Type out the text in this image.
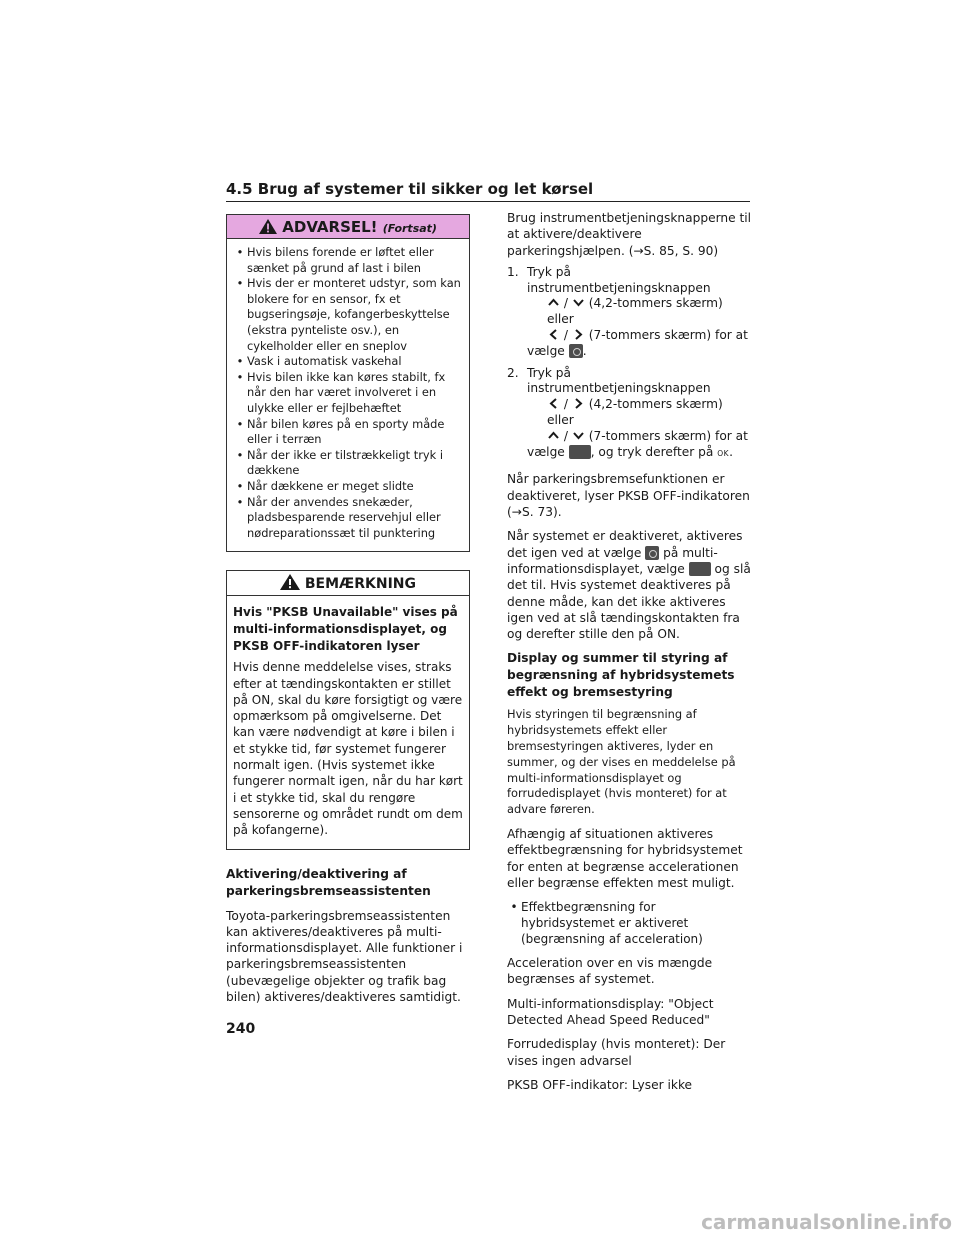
4.5 Brug af systemer til sikker og let kørsel
ADVARSEL! (Fortsat)
• Hvis bilens forende er løftet eller sænket på grund af last i bilen
• Hvis der er monteret udstyr, som kan blokere for en sensor, fx et bugseringsøje, kofangerbeskyttelse (ekstra pynteliste osv.), en cykelholder eller en sneplov
• Vask i automatisk vaskehal
• Hvis bilen ikke kan køres stabilt, fx når den har været involveret i en ulykke eller er fejlbehæftet
• Når bilen køres på en sporty måde eller i terræn
• Når der ikke er tilstrækkeligt tryk i dækkene
• Når dækkene er meget slidte
• Når der anvendes snekæder, pladsbesparende reservehjul eller nødreparationssæt til punktering
BEMÆRKNING
Hvis "PKSB Unavailable" vises på multi-informationsdisplayet, og PKSB OFF-indikatoren lyser
Hvis denne meddelelse vises, straks efter at tændingskontakten er stillet på ON, skal du køre forsigtigt og være opmærksom på omgivelserne. Det kan være nødvendigt at køre i bilen i et stykke tid, før systemet fungerer normalt igen. (Hvis systemet ikke fungerer normalt igen, når du har kørt i et stykke tid, skal du rengøre sensorerne og området rundt om dem på kofangerne).
Aktivering/deaktivering af parkeringsbremseassistenten
Toyota-parkeringsbremseassistenten kan aktiveres/deaktiveres på multi-informationsdisplayet. Alle funktioner i parkeringsbremseassistenten (ubevægelige objekter og trafik bag bilen) aktiveres/deaktiveres samtidigt.
Brug instrumentbetjeningsknapperne til at aktivere/deaktivere parkeringshjælpen. (→S. 85, S. 90)
1. Tryk på instrumentbetjeningsknappen
/ (4,2-tommers skærm) eller
/ (7-tommers skærm) for at
vælge .
2. Tryk på instrumentbetjeningsknappen
/ (4,2-tommers skærm) eller
/ (7-tommers skærm) for at
vælge , og tryk derefter på OK.
Når parkeringsbremsefunktionen er deaktiveret, lyser PKSB OFF-indikatoren (→S. 73).
Når systemet er deaktiveret, aktiveres det igen ved at vælge på multi-informationsdisplayet, vælge og slå det til. Hvis systemet deaktiveres på denne måde, kan det ikke aktiveres igen ved at slå tændingskontakten fra og derefter stille den på ON.
Display og summer til styring af begrænsning af hybridsystemets effekt og bremsestyring
Hvis styringen til begrænsning af hybridsystemets effekt eller bremsestyringen aktiveres, lyder en summer, og der vises en meddelelse på multi-informationsdisplayet og forrudedisplayet (hvis monteret) for at advare føreren.
Afhængig af situationen aktiveres effektbegrænsning for hybridsystemet for enten at begrænse accelerationen eller begrænse effekten mest muligt.
• Effektbegrænsning for hybridsystemet er aktiveret (begrænsning af acceleration)
Acceleration over en vis mængde begrænses af systemet.
Multi-informationsdisplay: "Object Detected Ahead Speed Reduced"
Forrudedisplay (hvis monteret): Der vises ingen advarsel
PKSB OFF-indikator: Lyser ikke
240
carmanualsonline.info
